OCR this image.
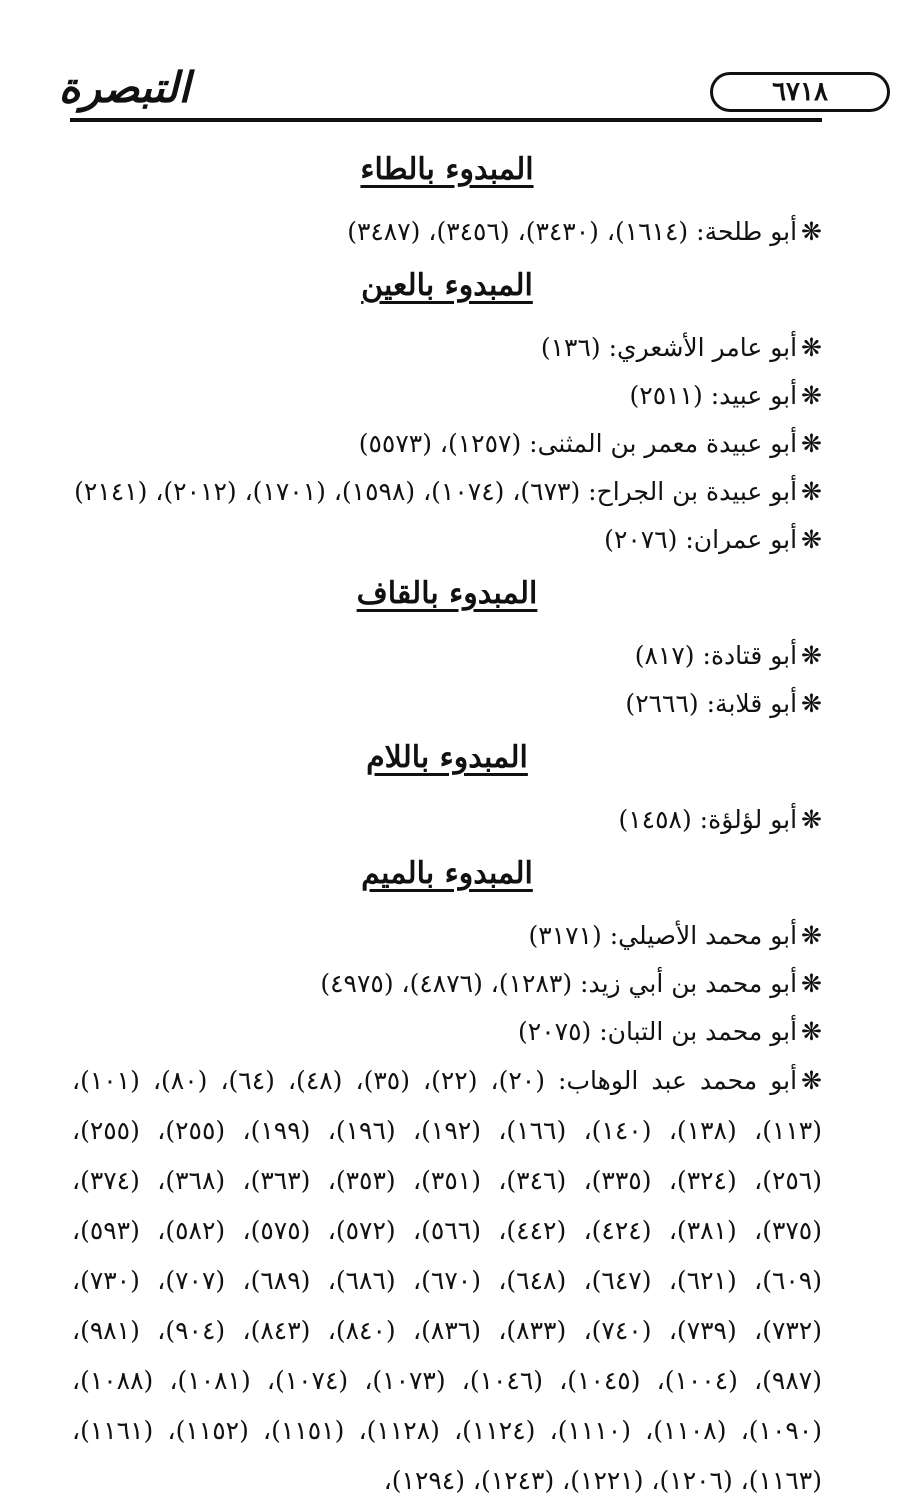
التبصرة	٦٧١٨
المبدوء بالطاء

❋أبو طلحة: (١٦١٤)، (٣٤٣٠)، (٣٤٥٦)، (٣٤٨٧)

المبدوء بالعين

❋أبو عامر الأشعري: (١٣٦)

❋أبو عبيد: (٢٥١١)

❋أبو عبيدة معمر بن المثنى: (١٢٥٧)، (٥٥٧٣)

❋أبو عبيدة بن الجراح: (٦٧٣)، (١٠٧٤)، (١٥٩٨)، (١٧٠١)، (٢٠١٢)، (٢١٤١)

❋أبو عمران: (٢٠٧٦)

المبدوء بالقاف

❋أبو قتادة: (٨١٧)

❋أبو قلابة: (٢٦٦٦)

المبدوء باللام

❋أبو لؤلؤة: (١٤٥٨)

المبدوء بالميم

❋أبو محمد الأصيلي: (٣١٧١)

❋أبو محمد بن أبي زيد: (١٢٨٣)، (٤٨٧٦)، (٤٩٧٥)

❋أبو محمد بن التبان: (٢٠٧٥)

❋أبو محمد عبد الوهاب: (٢٠)، (٢٢)، (٣٥)، (٤٨)، (٦٤)، (٨٠)، (١٠١)، (١١٣)، (١٣٨)، (١٤٠)، (١٦٦)، (١٩٢)، (١٩٦)، (١٩٩)، (٢٥٥)، (٢٥٥)، (٢٥٦)، (٣٢٤)، (٣٣٥)، (٣٤٦)، (٣٥١)، (٣٥٣)، (٣٦٣)، (٣٦٨)، (٣٧٤)، (٣٧٥)، (٣٨١)، (٤٢٤)، (٤٤٢)، (٥٦٦)، (٥٧٢)، (٥٧٥)، (٥٨٢)، (٥٩٣)، (٦٠٩)، (٦٢١)، (٦٤٧)، (٦٤٨)، (٦٧٠)، (٦٨٦)، (٦٨٩)، (٧٠٧)، (٧٣٠)، (٧٣٢)، (٧٣٩)، (٧٤٠)، (٨٣٣)، (٨٣٦)، (٨٤٠)، (٨٤٣)، (٩٠٤)، (٩٨١)، (٩٨٧)، (١٠٠٤)، (١٠٤٥)، (١٠٤٦)، (١٠٧٣)، (١٠٧٤)، (١٠٨١)، (١٠٨٨)، (١٠٩٠)، (١١٠٨)، (١١١٠)، (١١٢٤)، (١١٢٨)، (١١٥١)، (١١٥٢)، (١١٦١)، (١١٦٣)، (١٢٠٦)، (١٢٢١)، (١٢٤٣)، (١٢٩٤)،
